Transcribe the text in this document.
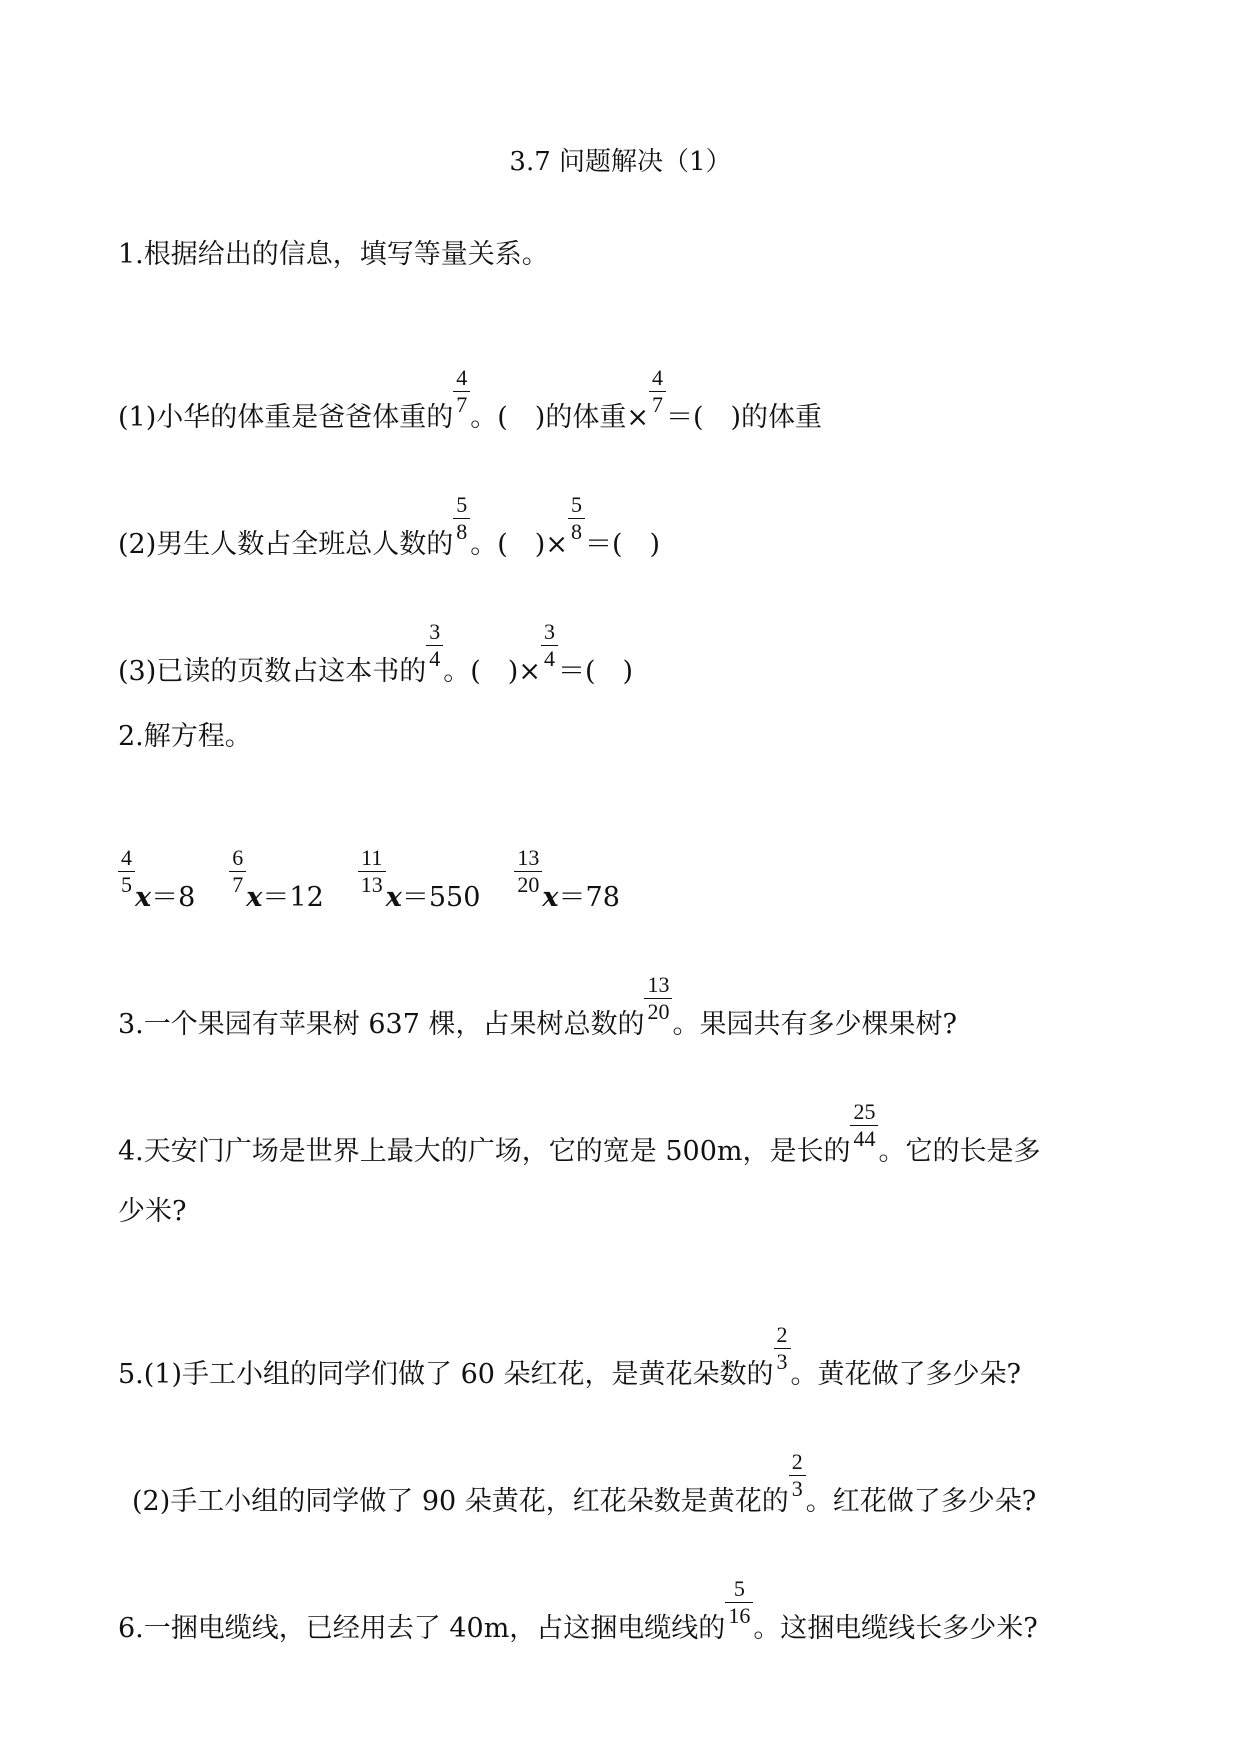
3.7 问题解决（1）
1.根据给出的信息，填写等量关系。
(1)小华的体重是爸爸体重的 $\frac{4}{7}$ 。(　)的体重× $\frac{4}{7}$ ＝(　)的体重
(2)男生人数占全班总人数的 $\frac{5}{8}$ 。(　)× $\frac{5}{8}$ ＝(　)
(3)已读的页数占这本书的 $\frac{3}{4}$ 。(　)× $\frac{3}{4}$ ＝(　)
2.解方程。
$\frac{4}{5} x=8 \frac{6}{7} x=12 \frac{11}{13} x=550 \frac{13}{20} x=78$
3.一个果园有苹果树 637 棵，占果树总数的 $\frac{13}{20}$ 。果园共有多少棵果树?
4.天安门广场是世界上最大的广场，它的宽是 500m，是长的 $\frac{25}{44}$ 。它的长是多
少米?
5.(1)手工小组的同学们做了 60 朵红花，是黄花朵数的 $\frac{2}{3}$ 。黄花做了多少朵?
(2)手工小组的同学做了 90 朵黄花，红花朵数是黄花的 $\frac{2}{3}$ 。红花做了多少朵?
6.一捆电缆线，已经用去了 40m，占这捆电缆线的 $\frac{5}{16}$ 。这捆电缆线长多少米?
